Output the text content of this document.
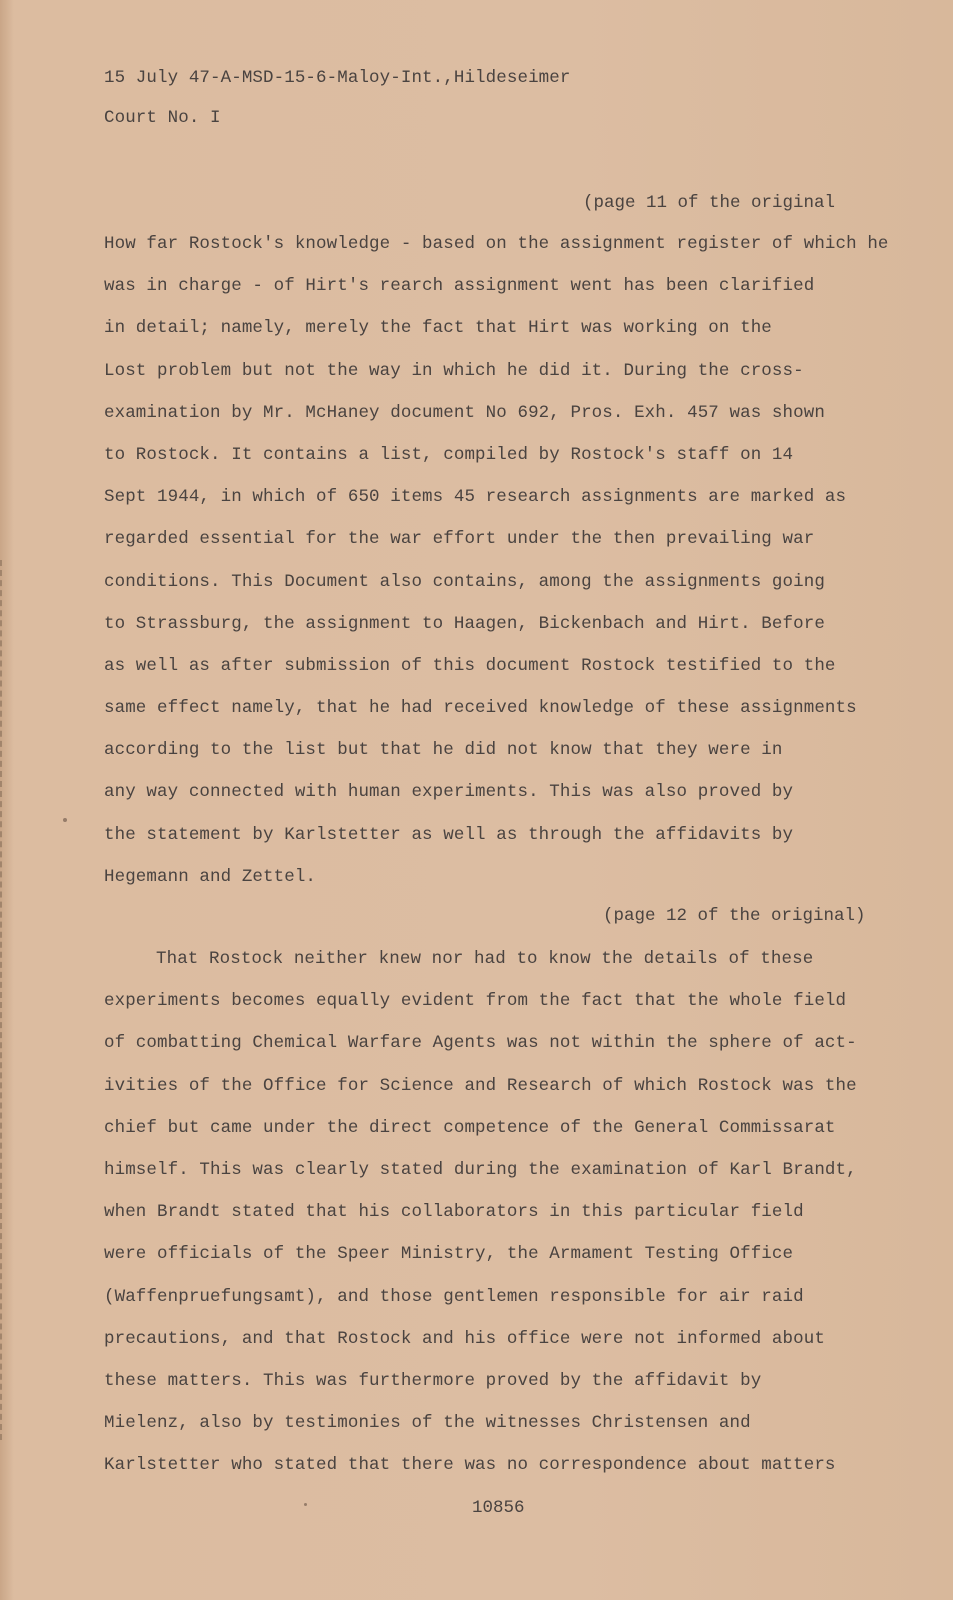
15 July 47-A-MSD-15-6-Maloy-Int.,Hildeseimer
Court No. I
(page 11 of the original
How far Rostock's knowledge - based on the assignment register of which he
was in charge - of Hirt's rearch assignment went has been clarified
in detail; namely, merely the fact that Hirt was working on the
Lost problem but not the way in which he did it. During the cross-
examination by Mr. McHaney document No 692, Pros. Exh. 457 was shown
to Rostock. It contains a list, compiled by Rostock's staff on 14
Sept 1944, in which of 650 items 45 research assignments are marked as
regarded essential for the war effort under the then prevailing war
conditions. This Document also contains, among the assignments going
to Strassburg, the assignment to Haagen, Bickenbach and Hirt. Before
as well as after submission of this document Rostock testified to the
same effect namely, that he had received knowledge of these assignments
according to the list but that he did not know that they were in
any way connected with human experiments. This was also proved by
the statement by Karlstetter as well as through the affidavits by
Hegemann and Zettel.
(page 12 of the original)
That Rostock neither knew nor had to know the details of these
experiments becomes equally evident from the fact that the whole field
of combatting Chemical Warfare Agents was not within the sphere of act-
ivities of the Office for Science and Research of which Rostock was the
chief but came under the direct competence of the General Commissarat
himself. This was clearly stated during the examination of Karl Brandt,
when Brandt stated that his collaborators in this particular field
were officials of the Speer Ministry, the Armament Testing Office
(Waffenpruefungsamt), and those gentlemen responsible for air raid
precautions, and that Rostock and his office were not informed about
these matters. This was furthermore proved by the affidavit by
Mielenz, also by testimonies of the witnesses Christensen and
Karlstetter who stated that there was no correspondence about matters
10856
